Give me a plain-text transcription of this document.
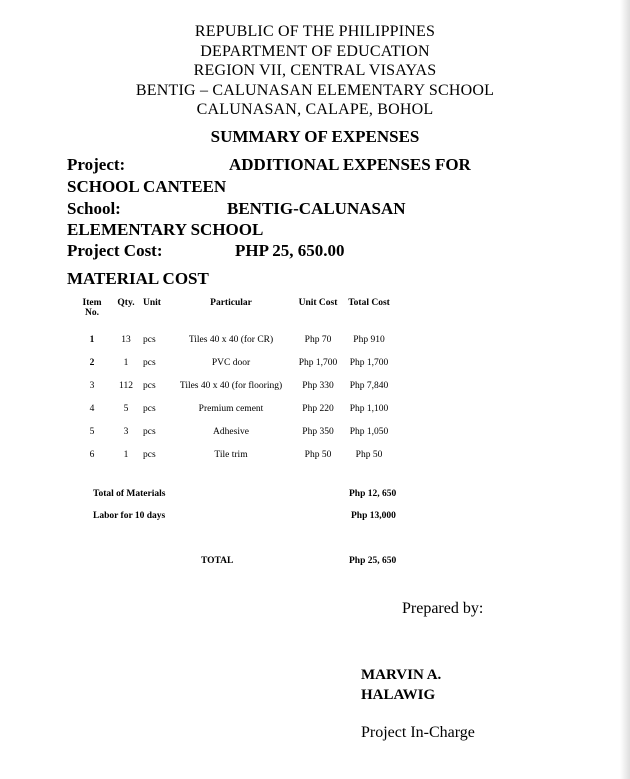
REPUBLIC OF THE PHILIPPINES
DEPARTMENT OF EDUCATION
REGION VII, CENTRAL VISAYAS
BENTIG – CALUNASAN ELEMENTARY SCHOOL
CALUNASAN, CALAPE, BOHOL
SUMMARY OF EXPENSES
Project:	ADDITIONAL EXPENSES FOR
SCHOOL CANTEEN
School:	BENTIG-CALUNASAN
ELEMENTARY SCHOOL
Project Cost:	PHP 25, 650.00
MATERIAL COST
Item No.	Qty.	Unit	Particular	Unit Cost	Total Cost

1	13	pcs	Tiles 40 x 40 (for CR)	Php 70	Php 910
2	1	pcs	PVC door	Php 1,700	Php 1,700
3	112	pcs	Tiles 40 x 40 (for flooring)	Php 330	Php 7,840
4	5	pcs	Premium cement	Php 220	Php 1,100
5	3	pcs	Adhesive	Php 350	Php 1,050
6	1	pcs	Tile trim	Php 50	Php 50
Total of Materials	Php 12, 650
Labor for 10 days	Php 13,000
TOTAL	Php 25, 650
Prepared by:
MARVIN A.
HALAWIG
Project In-Charge
